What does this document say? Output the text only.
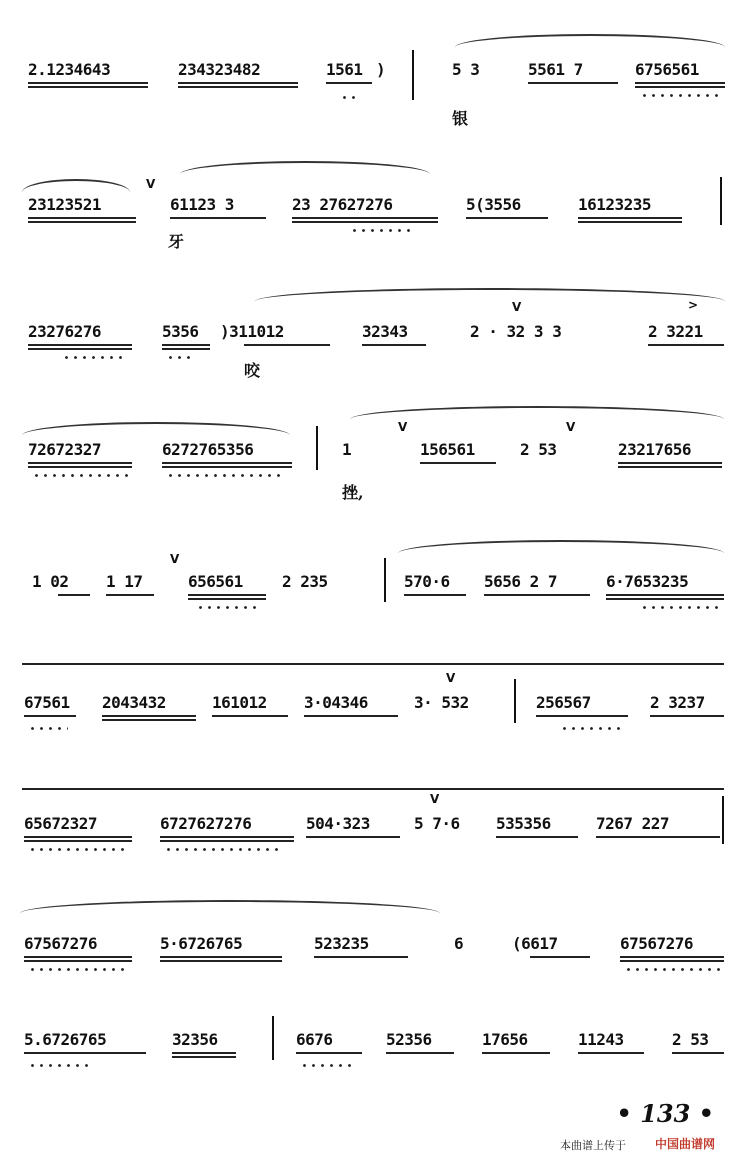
2.1234643	234323482	1561 )	5 3	5561 7	6756561
银
23123521	61123 3	23 27627276	5(3556	16123235
V
牙
23276276	5356 )311012	32343	2 · 32 3 3	2 3221
V	>
咬
72672327	6272765356	1	156561	2 53	23217656
V	V
挫,
1 02 1 17	656561 2 235	570·6 5656 2 7	6·7653235
V
67561 2043432	161012 3·04346	3· 532	256567	2 3237
V
65672327	6727627276	504·323	5 7·6 535356	7267 227
V
67567276	5·6726765	523235	6	(6617	67567276
5.6726765	32356	6676	52356	17656	11243	2 53
• 133 •
本曲谱上传于 中国曲谱网
